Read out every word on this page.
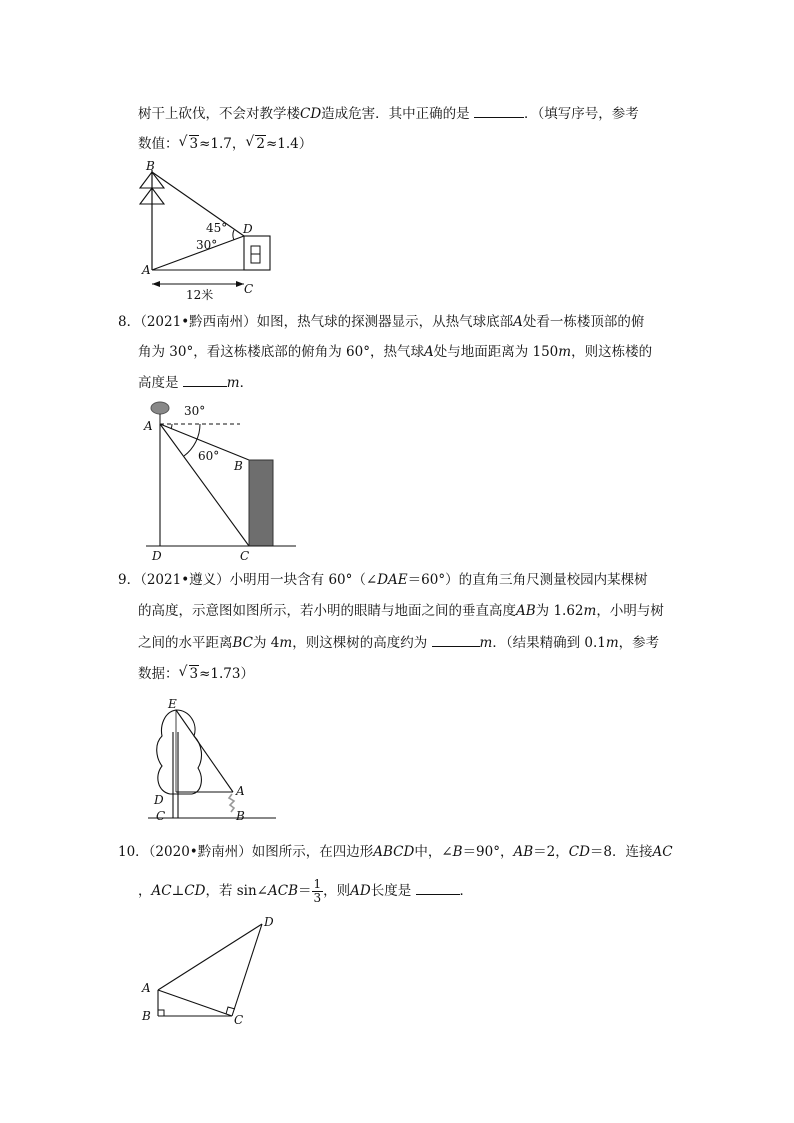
树干上砍伐，不会对教学楼CD造成危害．其中正确的是	．（填写序号，参考
数值： √ 3≈1.7， √ 2≈1.4）
B
D
A
C
45°
30°
12米
8．（2021•黔西南州）如图，热气球的探测器显示，从热气球底部A处看一栋楼顶部的俯
角为 30°，看这栋楼底部的俯角为 60°，热气球A处与地面距离为 150m，则这栋楼的
高度是	m．
30°
60°
A
B
C
D
9．（2021•遵义）小明用一块含有 60°（∠DAE＝60°）的直角三角尺测量校园内某棵树
的高度，示意图如图所示，若小明的眼睛与地面之间的垂直高度AB为 1.62m，小明与树
之间的水平距离BC为 4m，则这棵树的高度约为	m．（结果精确到 0.1m，参考
数据： √ 3≈1.73）
E
D
C
A
B
10．（2020•黔南州）如图所示，在四边形ABCD中，∠B＝90°，AB＝2，CD＝8．连接AC
，AC⊥CD，若 sin∠ACB＝ $\frac{1}{3}$ ，则AD长度是	．
A
B	C
D
